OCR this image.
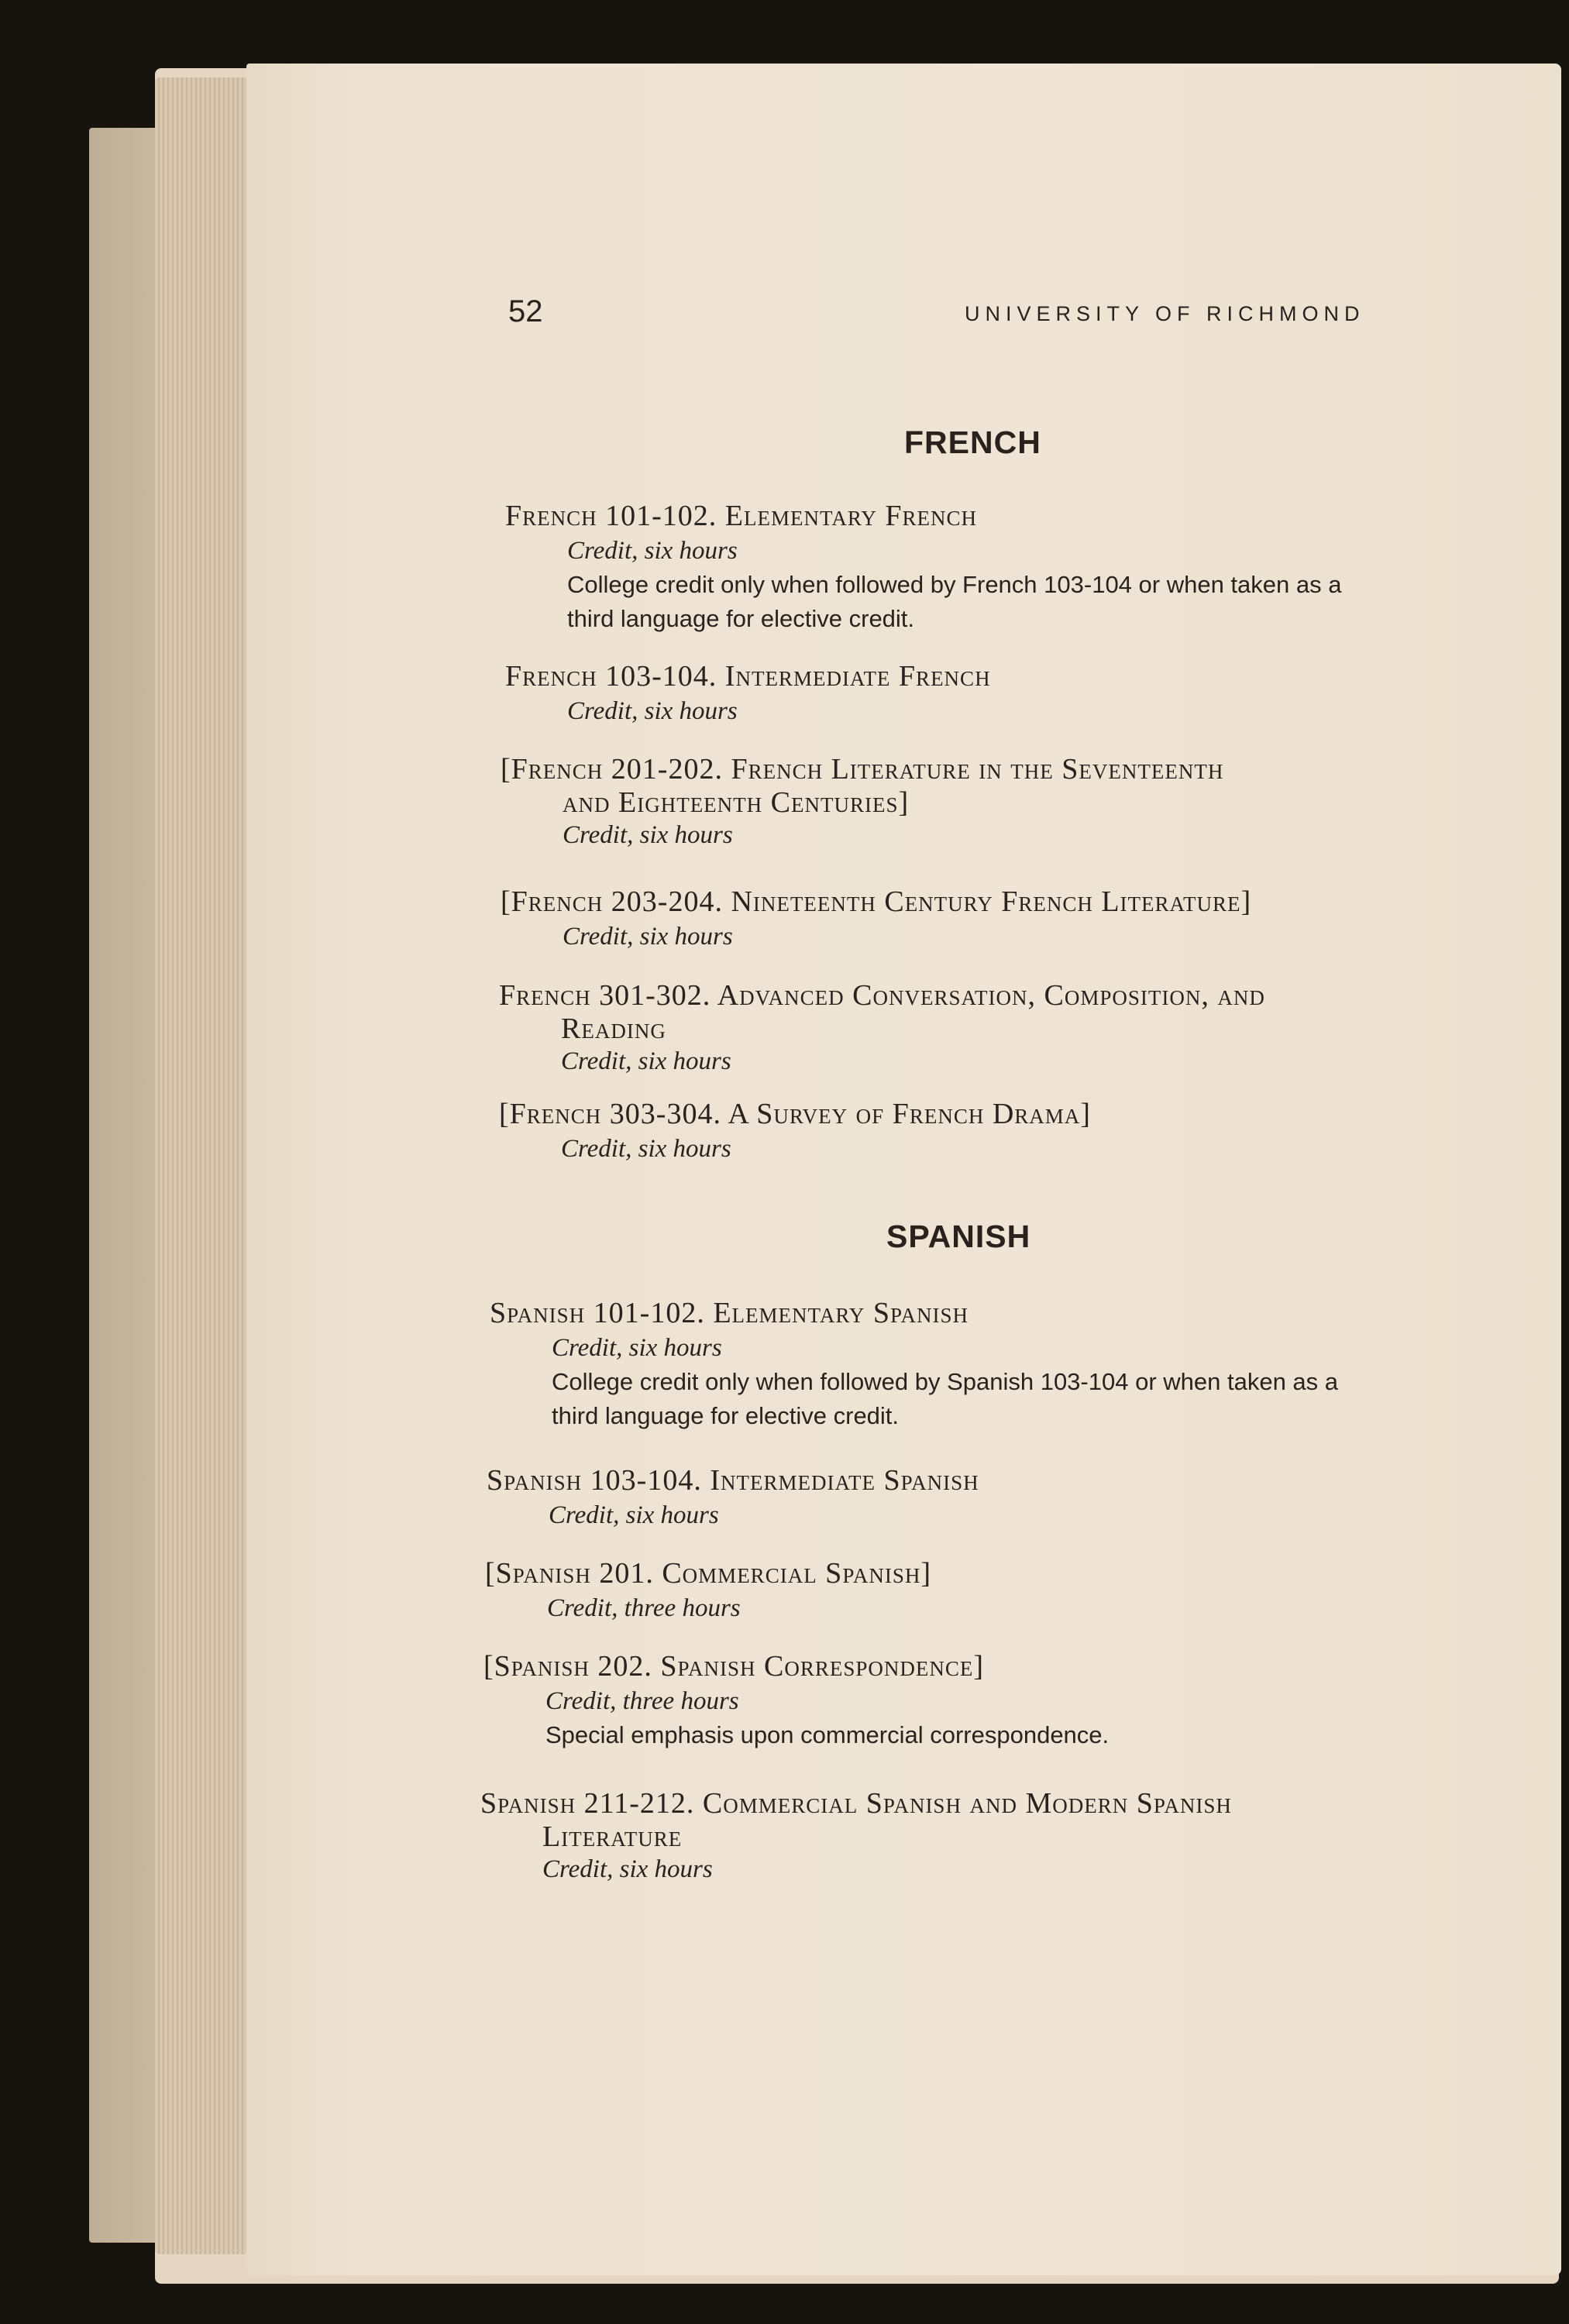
52	UNIVERSITY OF RICHMOND
FRENCH
French 101-102. Elementary French
Credit, six hours
College credit only when followed by French 103-104 or when taken as a
third language for elective credit.
French 103-104. Intermediate French
Credit, six hours
[French 201-202. French Literature in the Seventeenth
and Eighteenth Centuries]
Credit, six hours
[French 203-204. Nineteenth Century French Literature]
Credit, six hours
French 301-302. Advanced Conversation, Composition, and
Reading
Credit, six hours
[French 303-304. A Survey of French Drama]
Credit, six hours
SPANISH
Spanish 101-102. Elementary Spanish
Credit, six hours
College credit only when followed by Spanish 103-104 or when taken as a
third language for elective credit.
Spanish 103-104. Intermediate Spanish
Credit, six hours
[Spanish 201. Commercial Spanish]
Credit, three hours
[Spanish 202. Spanish Correspondence]
Credit, three hours
Special emphasis upon commercial correspondence.
Spanish 211-212. Commercial Spanish and Modern Spanish
Literature
Credit, six hours
